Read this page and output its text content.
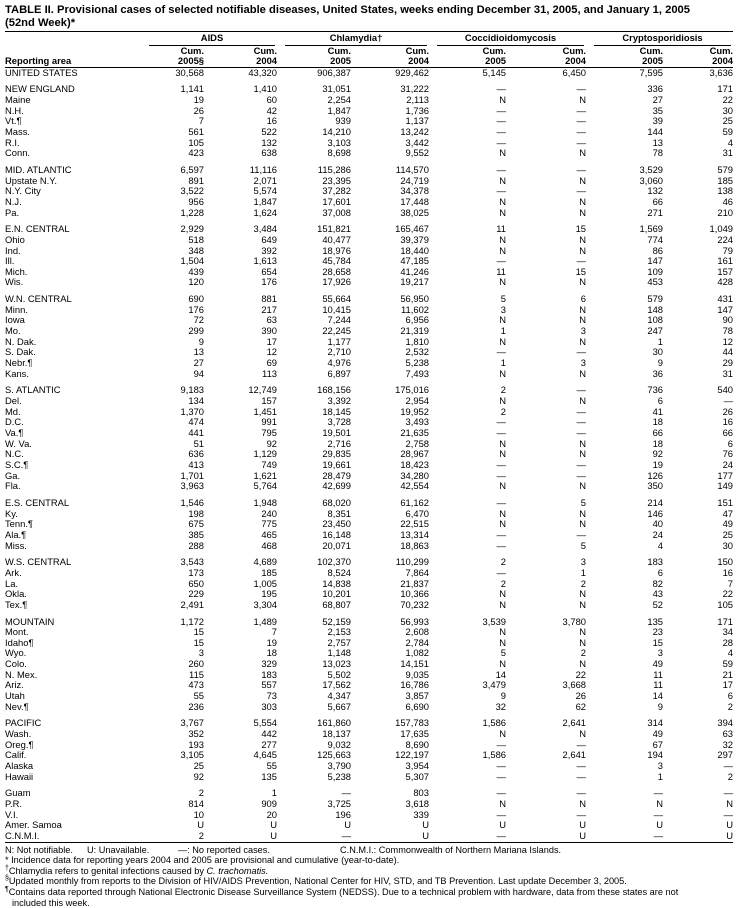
TABLE II. Provisional cases of selected notifiable diseases, United States, weeks ending December 31, 2005, and January 1, 2005
(52nd Week)*

	AIDS		Chlamydia†		Coccidioidomycosis		Cryptosporidiosis	

	Cum.	Cum.	Cum.	Cum.	Cum.	Cum.	Cum.	Cum.
Reporting area	2005§	2004	2005	2004	2005	2004	2005	2004
UNITED STATES	30,568	43,320	906,387	929,462	5,145	6,450	7,595	3,636

NEW ENGLAND	1,141	1,410	31,051	31,222	—	—	336	171
Maine	19	60	2,254	2,113	N	N	27	22
N.H.	26	42	1,847	1,736	—	—	35	30
Vt.¶	7	16	939	1,137	—	—	39	25
Mass.	561	522	14,210	13,242	—	—	144	59
R.I.	105	132	3,103	3,442	—	—	13	4
Conn.	423	638	8,698	9,552	N	N	78	31

MID. ATLANTIC	6,597	11,116	115,286	114,570	—	—	3,529	579
Upstate N.Y.	891	2,071	23,395	24,719	N	N	3,060	185
N.Y. City	3,522	5,574	37,282	34,378	—	—	132	138
N.J.	956	1,847	17,601	17,448	N	N	66	46
Pa.	1,228	1,624	37,008	38,025	N	N	271	210

E.N. CENTRAL	2,929	3,484	151,821	165,467	11	15	1,569	1,049
Ohio	518	649	40,477	39,379	N	N	774	224
Ind.	348	392	18,976	18,440	N	N	86	79
Ill.	1,504	1,613	45,784	47,185	—	—	147	161
Mich.	439	654	28,658	41,246	11	15	109	157
Wis.	120	176	17,926	19,217	N	N	453	428

W.N. CENTRAL	690	881	55,664	56,950	5	6	579	431
Minn.	176	217	10,415	11,602	3	N	148	147
Iowa	72	63	7,244	6,956	N	N	108	90
Mo.	299	390	22,245	21,319	1	3	247	78
N. Dak.	9	17	1,177	1,810	N	N	1	12
S. Dak.	13	12	2,710	2,532	—	—	30	44
Nebr.¶	27	69	4,976	5,238	1	3	9	29
Kans.	94	113	6,897	7,493	N	N	36	31

S. ATLANTIC	9,183	12,749	168,156	175,016	2	—	736	540
Del.	134	157	3,392	2,954	N	N	6	—
Md.	1,370	1,451	18,145	19,952	2	—	41	26
D.C.	474	991	3,728	3,493	—	—	18	16
Va.¶	441	795	19,501	21,635	—	—	66	66
W. Va.	51	92	2,716	2,758	N	N	18	6
N.C.	636	1,129	29,835	28,967	N	N	92	76
S.C.¶	413	749	19,661	18,423	—	—	19	24
Ga.	1,701	1,621	28,479	34,280	—	—	126	177
Fla.	3,963	5,764	42,699	42,554	N	N	350	149

E.S. CENTRAL	1,546	1,948	68,020	61,162	—	5	214	151
Ky.	198	240	8,351	6,470	N	N	146	47
Tenn.¶	675	775	23,450	22,515	N	N	40	49
Ala.¶	385	465	16,148	13,314	—	—	24	25
Miss.	288	468	20,071	18,863	—	5	4	30

W.S. CENTRAL	3,543	4,689	102,370	110,299	2	3	183	150
Ark.	173	185	8,524	7,864	—	1	6	16
La.	650	1,005	14,838	21,837	2	2	82	7
Okla.	229	195	10,201	10,366	N	N	43	22
Tex.¶	2,491	3,304	68,807	70,232	N	N	52	105

MOUNTAIN	1,172	1,489	52,159	56,993	3,539	3,780	135	171
Mont.	15	7	2,153	2,608	N	N	23	34
Idaho¶	15	19	2,757	2,784	N	N	15	28
Wyo.	3	18	1,148	1,082	5	2	3	4
Colo.	260	329	13,023	14,151	N	N	49	59
N. Mex.	115	183	5,502	9,035	14	22	11	21
Ariz.	473	557	17,562	16,786	3,479	3,668	11	17
Utah	55	73	4,347	3,857	9	26	14	6
Nev.¶	236	303	5,667	6,690	32	62	9	2

PACIFIC	3,767	5,554	161,860	157,783	1,586	2,641	314	394
Wash.	352	442	18,137	17,635	N	N	49	63
Oreg.¶	193	277	9,032	8,690	—	—	67	32
Calif.	3,105	4,645	125,663	122,197	1,586	2,641	194	297
Alaska	25	55	3,790	3,954	—	—	3	—
Hawaii	92	135	5,238	5,307	—	—	1	2

Guam	2	1	—	803	—	—	—	—
P.R.	814	909	3,725	3,618	N	N	N	N
V.I.	10	20	196	339	—	—	—	—
Amer. Samoa	U	U	U	U	U	U	U	U
C.N.M.I.	2	U	—	U	—	U	—	U
N: Not notifiable. U: Unavailable.	—: No reported cases.	C.N.M.I.: Commonwealth of Northern Mariana Islands.
* Incidence data for reporting years 2004 and 2005 are provisional and cumulative (year-to-date).
†Chlamydia refers to genital infections caused by C. trachomatis.
§Updated monthly from reports to the Division of HIV/AIDS Prevention, National Center for HIV, STD, and TB Prevention. Last update December 3, 2005.
¶Contains data reported through National Electronic Disease Surveillance System (NEDSS). Due to a technical problem with hardware, data from these states are not
included this week.
